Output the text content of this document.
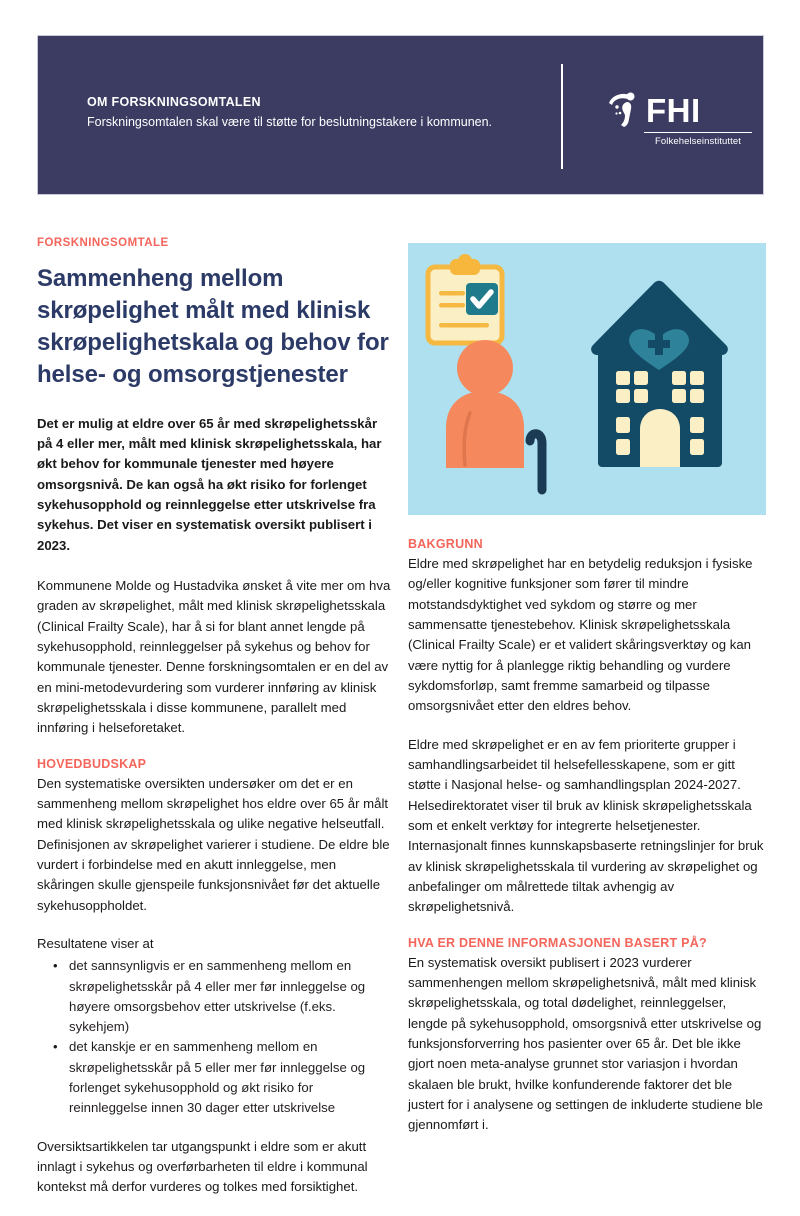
OM FORSKNINGSOMTALEN

Forskningsomtalen skal være til støtte for beslutningstakere i kommunen.	FHI
Folkehelseinstituttet

FORSKNINGSOMTALE

Sammenheng mellom skrøpelighet målt med klinisk skrøpelighetskala og behov for helse- og omsorgstjenester

Det er mulig at eldre over 65 år med skrøpelighetsskår på 4 eller mer, målt med klinisk skrøpelighetsskala, har økt behov for kommunale tjenester med høyere omsorgsnivå. De kan også ha økt risiko for forlenget sykehusopphold og reinnleggelse etter utskrivelse fra sykehus. Det viser en systematisk oversikt publisert i 2023.

Kommunene Molde og Hustadvika ønsket å vite mer om hva graden av skrøpelighet, målt med klinisk skrøpelighetsskala (Clinical Frailty Scale), har å si for blant annet lengde på sykehusopphold, reinnleggelser på sykehus og behov for kommunale tjenester. Denne forskningsomtalen er en del av en mini-metodevurdering som vurderer innføring av klinisk skrøpelighetsskala i disse kommunene, parallelt med innføring i helseforetaket.

HOVEDBUDSKAP

Den systematiske oversikten undersøker om det er en sammenheng mellom skrøpelighet hos eldre over 65 år målt med klinisk skrøpelighetsskala og ulike negative helseutfall. Definisjonen av skrøpelighet varierer i studiene. De eldre ble vurdert i forbindelse med en akutt innleggelse, men skåringen skulle gjenspeile funksjonsnivået før det aktuelle sykehusoppholdet.

Resultatene viser at

• det sannsynligvis er en sammenheng mellom en skrøpelighetsskår på 4 eller mer før innleggelse og høyere omsorgsbehov etter utskrivelse (f.eks. sykehjem)
• det kanskje er en sammenheng mellom en skrøpelighetsskår på 5 eller mer før innleggelse og forlenget sykehusopphold og økt risiko for reinnleggelse innen 30 dager etter utskrivelse

Oversiktsartikkelen tar utgangspunkt i eldre som er akutt innlagt i sykehus og overførbarheten til eldre i kommunal kontekst må derfor vurderes og tolkes med forsiktighet.

BAKGRUNN

Eldre med skrøpelighet har en betydelig reduksjon i fysiske og/eller kognitive funksjoner som fører til mindre motstandsdyktighet ved sykdom og større og mer sammensatte tjenestebehov. Klinisk skrøpelighetsskala (Clinical Frailty Scale) er et validert skåringsverktøy og kan være nyttig for å planlegge riktig behandling og vurdere sykdomsforløp, samt fremme samarbeid og tilpasse omsorgsnivået etter den eldres behov.

Eldre med skrøpelighet er en av fem prioriterte grupper i samhandlingsarbeidet til helsefellesskapene, som er gitt støtte i Nasjonal helse- og samhandlingsplan 2024-2027. Helsedirektoratet viser til bruk av klinisk skrøpelighetsskala som et enkelt verktøy for integrerte helsetjenester. Internasjonalt finnes kunnskapsbaserte retningslinjer for bruk av klinisk skrøpelighetsskala til vurdering av skrøpelighet og anbefalinger om målrettede tiltak avhengig av skrøpelighetsnivå.

HVA ER DENNE INFORMASJONEN BASERT PÅ?

En systematisk oversikt publisert i 2023 vurderer sammenhengen mellom skrøpelighetsnivå, målt med klinisk skrøpelighetsskala, og total dødelighet, reinnleggelser, lengde på sykehusopphold, omsorgsnivå etter utskrivelse og funksjonsforverring hos pasienter over 65 år. Det ble ikke gjort noen meta-analyse grunnet stor variasjon i hvordan skalaen ble brukt, hvilke konfunderende faktorer det ble justert for i analysene og settingen de inkluderte studiene ble gjennomført i.
